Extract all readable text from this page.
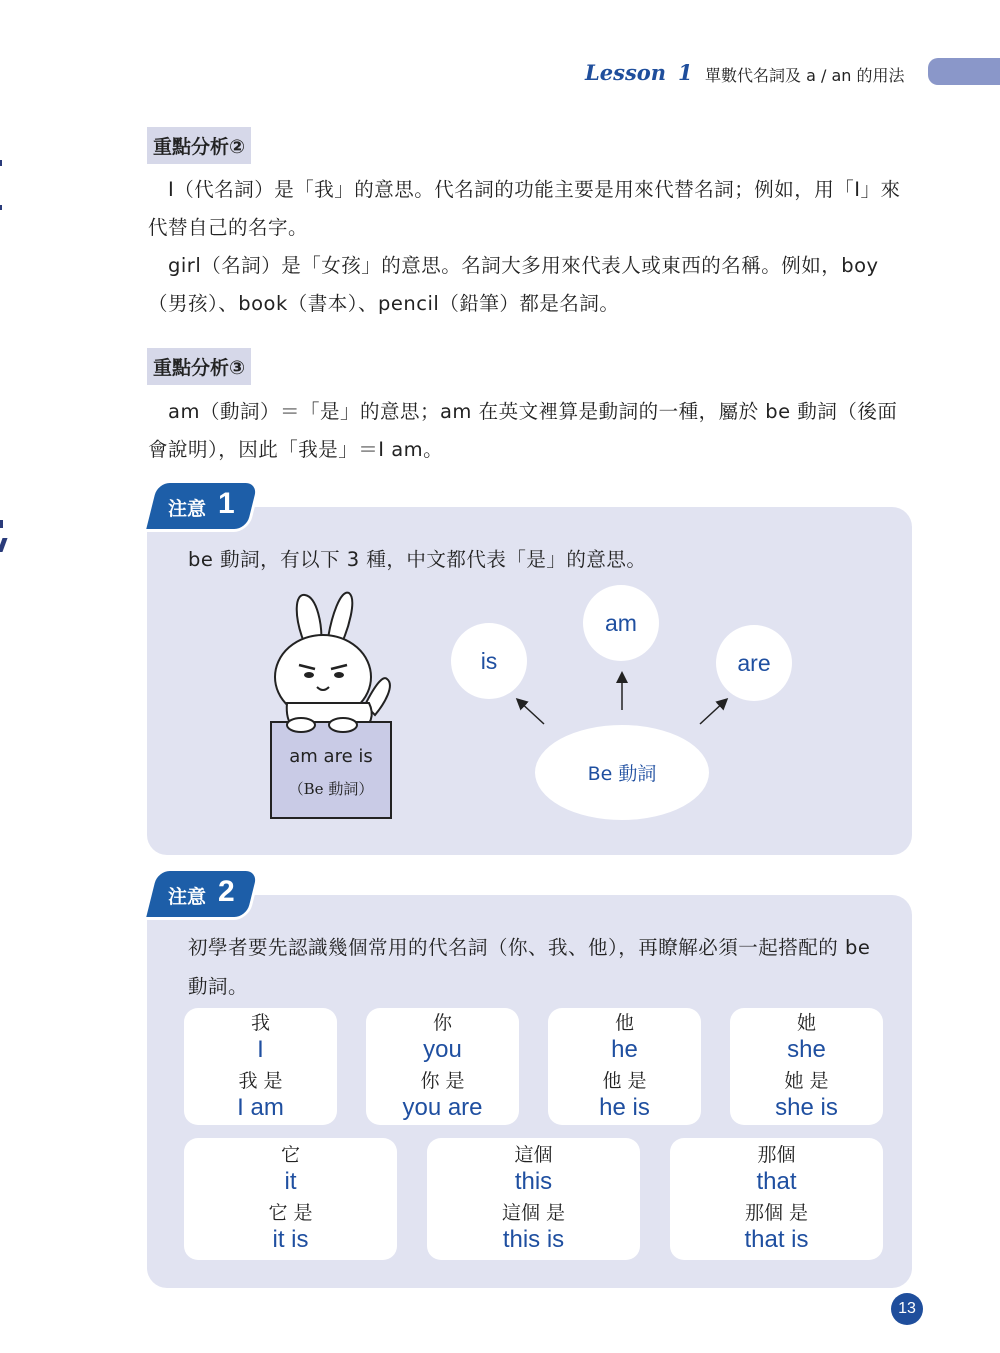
Lesson 1 單數代名詞及 a / an 的用法
重點分析②
　I（代名詞）是「我」的意思。代名詞的功能主要是用來代替名詞；例如，用「I」來代替自己的名字。
　girl（名詞）是「女孩」的意思。名詞大多用來代表人或東西的名稱。例如，boy（男孩）、book（書本）、pencil（鉛筆）都是名詞。
重點分析③
　am（動詞）＝「是」的意思；am 在英文裡算是動詞的一種，屬於 be 動詞（後面會說明），因此「我是」＝I am。
注意 1
be 動詞，有以下 3 種，中文都代表「是」的意思。
am are is
（Be 動詞）
is
am
are
Be 動詞
注意 2
初學者要先認識幾個常用的代名詞（你、我、他），再瞭解必須一起搭配的 be 動詞。
我
I
我 是
I am
你
you
你 是
you are
他
he
他 是
he is
她
she
她 是
she is
它
it
它 是
it is
這個
this
這個 是
this is
那個
that
那個 是
that is
13
